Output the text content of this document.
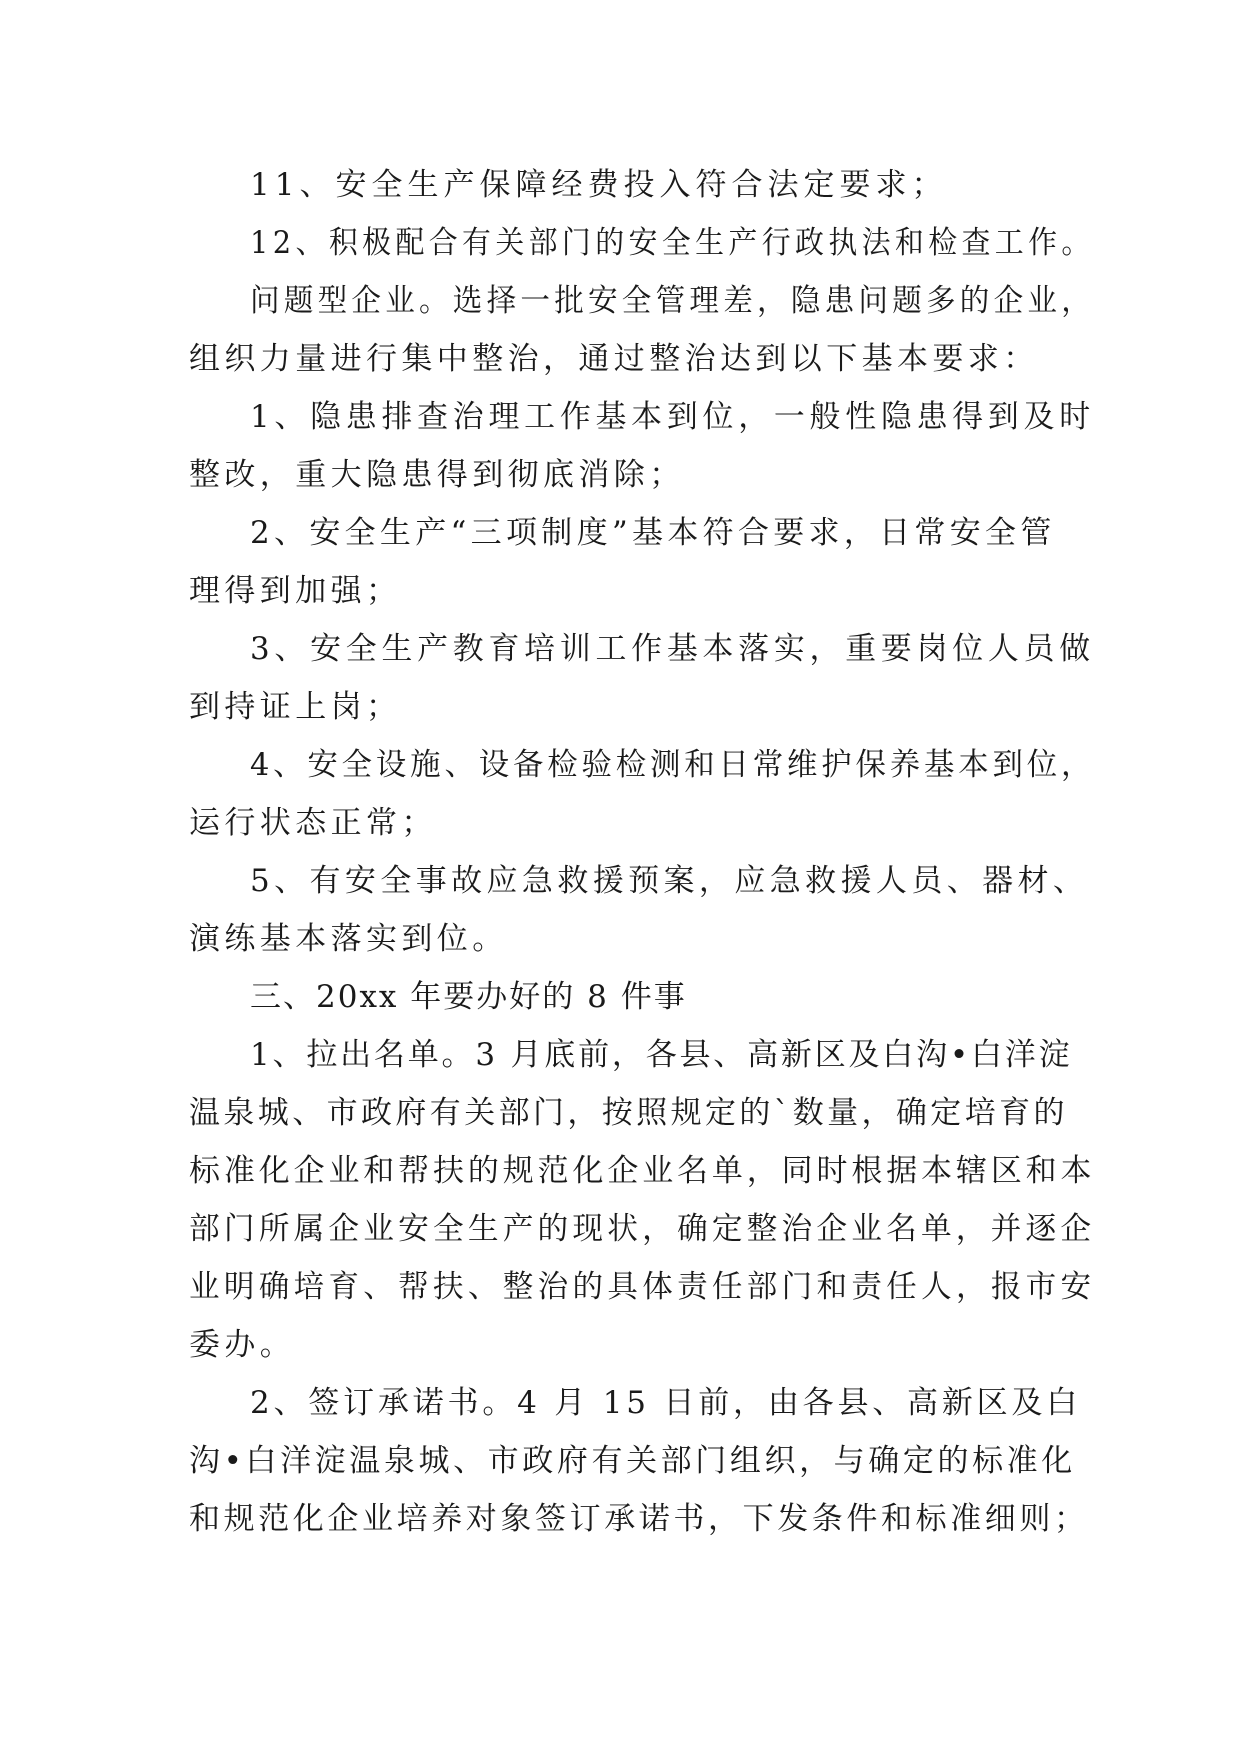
11、安全生产保障经费投入符合法定要求；

12、积极配合有关部门的安全生产行政执法和检查工作。

问题型企业。选择一批安全管理差，隐患问题多的企业，

组织力量进行集中整治，通过整治达到以下基本要求：

1、隐患排查治理工作基本到位，一般性隐患得到及时

整改，重大隐患得到彻底消除；

2、安全生产“三项制度”基本符合要求，日常安全管

理得到加强；

3、安全生产教育培训工作基本落实，重要岗位人员做

到持证上岗；

4、安全设施、设备检验检测和日常维护保养基本到位，

运行状态正常；

5、有安全事故应急救援预案，应急救援人员、器材、

演练基本落实到位。

三、20xx 年要办好的 8 件事

1、拉出名单。3 月底前，各县、高新区及白沟•白洋淀

温泉城、市政府有关部门，按照规定的`数量，确定培育的

标准化企业和帮扶的规范化企业名单，同时根据本辖区和本

部门所属企业安全生产的现状，确定整治企业名单，并逐企

业明确培育、帮扶、整治的具体责任部门和责任人，报市安

委办。

2、签订承诺书。4 月 15 日前，由各县、高新区及白

沟•白洋淀温泉城、市政府有关部门组织，与确定的标准化

和规范化企业培养对象签订承诺书，下发条件和标准细则；
